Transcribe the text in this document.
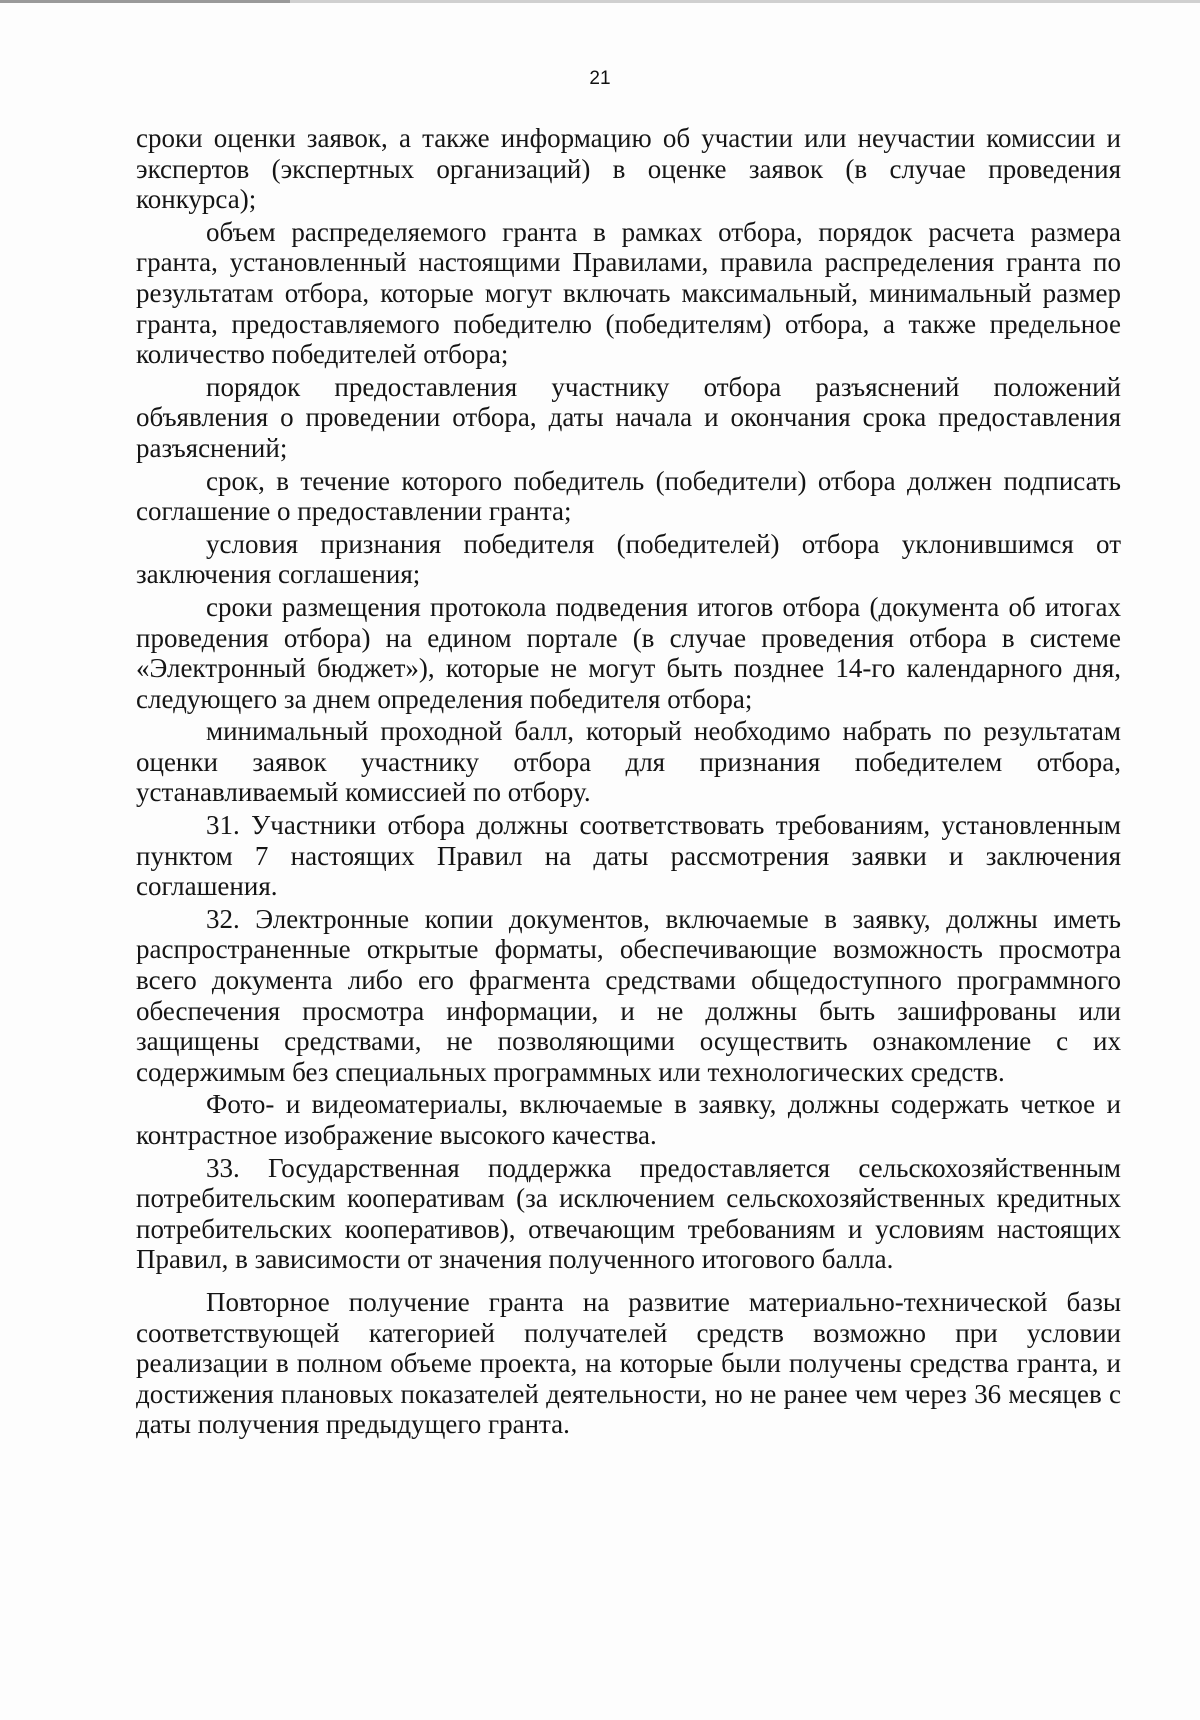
21

сроки оценки заявок, а также информацию об участии или неучастии комиссии и экспертов (экспертных организаций) в оценке заявок (в случае проведения конкурса);

объем распределяемого гранта в рамках отбора, порядок расчета размера гранта, установленный настоящими Правилами, правила распределения гранта по результатам отбора, которые могут включать максимальный, минимальный размер гранта, предоставляемого победителю (победителям) отбора, а также предельное количество победителей отбора;

порядок предоставления участнику отбора разъяснений положений объявления о проведении отбора, даты начала и окончания срока предоставления разъяснений;

срок, в течение которого победитель (победители) отбора должен подписать соглашение о предоставлении гранта;

условия признания победителя (победителей) отбора уклонившимся от заключения соглашения;

сроки размещения протокола подведения итогов отбора (документа об итогах проведения отбора) на едином портале (в случае проведения отбора в системе «Электронный бюджет»), которые не могут быть позднее 14-го календарного дня, следующего за днем определения победителя отбора;

минимальный проходной балл, который необходимо набрать по результатам оценки заявок участнику отбора для признания победителем отбора, устанавливаемый комиссией по отбору.

31. Участники отбора должны соответствовать требованиям, установленным пунктом 7 настоящих Правил на даты рассмотрения заявки и заключения соглашения.

32. Электронные копии документов, включаемые в заявку, должны иметь распространенные открытые форматы, обеспечивающие возможность просмотра всего документа либо его фрагмента средствами общедоступного программного обеспечения просмотра информации, и не должны быть зашифрованы или защищены средствами, не позволяющими осуществить ознакомление с их содержимым без специальных программных или технологических средств.

Фото- и видеоматериалы, включаемые в заявку, должны содержать четкое и контрастное изображение высокого качества.

33. Государственная поддержка предоставляется сельскохозяйственным потребительским кооперативам (за исключением сельскохозяйственных кредитных потребительских кооперативов), отвечающим требованиям и условиям настоящих Правил, в зависимости от значения полученного итогового балла.

Повторное получение гранта на развитие материально-технической базы соответствующей категорией получателей средств возможно при условии реализации в полном объеме проекта, на которые были получены средства гранта, и достижения плановых показателей деятельности, но не ранее чем через 36 месяцев с даты получения предыдущего гранта.
